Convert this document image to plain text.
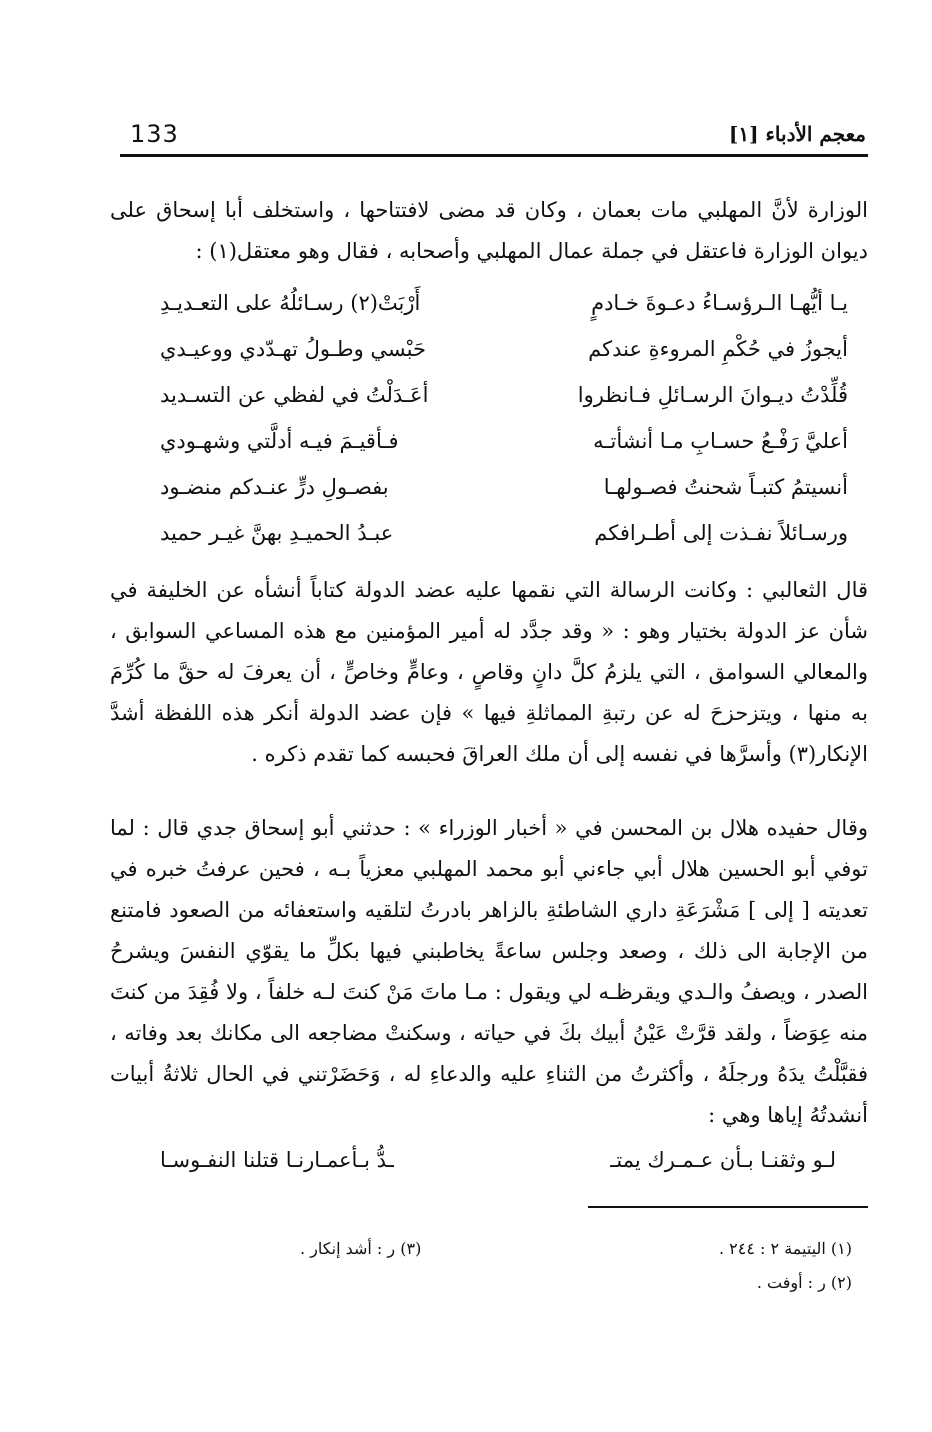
133	معجم الأدباء [١]

الوزارة لأنَّ المهلبي مات بعمان ، وكان قد مضى لافتتاحها ، واستخلف أبا إسحاق على ديوان الوزارة فاعتقل في جملة عمال المهلبي وأصحابه ، فقال وهو معتقل(١) :

يـا أيُّهـا الـرؤسـاءُ دعـوةَ خـادمٍ
أَرْبَتْ(٢) رسـائلُهُ على التعـديـدِ
أيجوزُ في حُكْمِ المروءةِ عندكم
حَبْسي وطـولُ تهـدّدي ووعيـدي
قُلِّدْتُ ديـوانَ الرسـائلِ فـانظروا
أعَـدَلْتُ في لفظي عن التسـديد
أعليَّ رَفْـعُ حسـابِ مـا أنشأتـه
فـأقيـمَ فيـه أدلَّتي وشهـودي
أنسيتمُ كتبـاً شحنتُ فصـولهـا
بفصـولِ درٍّ عنـدكم منضـود
ورسـائلاً نفـذت إلى أطـرافكم
عبـدُ الحميـدِ بهنَّ غيـر حميد

قال الثعالبي : وكانت الرسالة التي نقمها عليه عضد الدولة كتاباً أنشأه عن الخليفة في شأن عز الدولة بختيار وهو : « وقد جدَّد له أمير المؤمنين مع هذه المساعي السوابق ، والمعالي السوامق ، التي يلزمُ كلَّ دانٍ وقاصٍ ، وعامٍّ وخاصٍّ ، أن يعرفَ له حقَّ ما كُرِّمَ به منها ، ويتزحزحَ له عن رتبةِ المماثلةِ فيها » فإن عضد الدولة أنكر هذه اللفظة أشدَّ الإنكار(٣) وأسرَّها في نفسه إلى أن ملك العراقَ فحبسه كما تقدم ذكره .

وقال حفيده هلال بن المحسن في « أخبار الوزراء » : حدثني أبو إسحاق جدي قال : لما توفي أبو الحسين هلال أبي جاءني أبو محمد المهلبي معزياً بـه ، فحين عرفتُ خبره في تعديته [ إلى ] مَشْرَعَةِ داري الشاطئةِ بالزاهر بادرتُ لتلقيه واستعفائه من الصعود فامتنع من الإجابة الى ذلك ، وصعد وجلس ساعةً يخاطبني فيها بكلِّ ما يقوّي النفسَ ويشرحُ الصدر ، ويصفُ والـدي ويقرظـه لي ويقول : مـا ماتَ مَنْ كنتَ لـه خلفاً ، ولا فُقِدَ من كنتَ منه عِوَضاً ، ولقد قرَّتْ عَيْنُ أبيك بكَ في حياته ، وسكنتْ مضاجعه الى مكانك بعد وفاته ، فقبَّلْتُ يدَهُ ورجلَهُ ، وأكثرتُ من الثناءِ عليه والدعاءِ له ، وَحَضَرْتني في الحال ثلاثةُ أبيات أنشدتُهُ إياها وهي :

لـو وثقنـا بـأن عـمـرك يمتـ
ـدُّ بـأعمـارنـا قتلنا النفـوسـا
(١) اليتيمة ٢ : ٢٤٤ .
(٣) ر : أشد إنكار .
(٢) ر : أوفت .
